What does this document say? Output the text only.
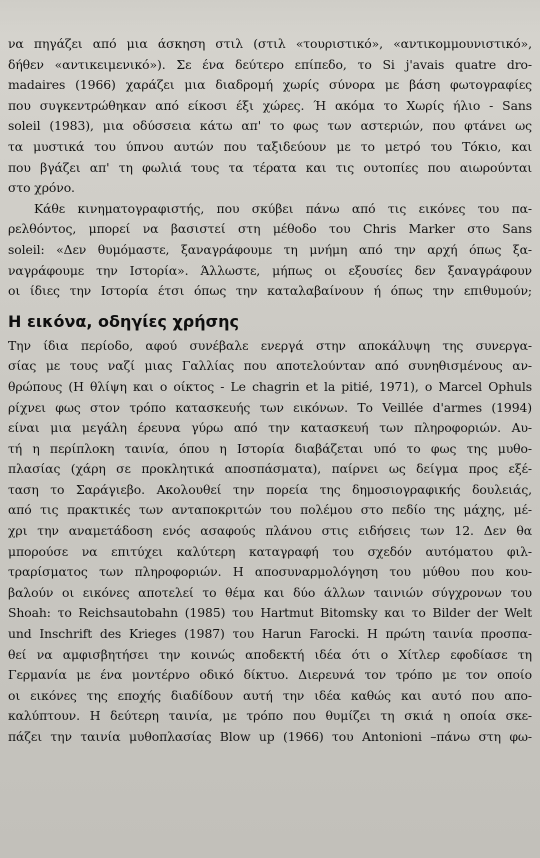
να πηγάζει από μια άσκηση στιλ (στιλ «τουριστικό», «αντικομμουνιστικό»,

δήθεν «αντικειμενικό»). Σε ένα δεύτερο επίπεδο, το Si j'avais quatre dro-

madaires (1966) χαράζει μια διαδρομή χωρίς σύνορα με βάση φωτογραφίες

που συγκεντρώθηκαν από είκοσι έξι χώρες. Ή ακόμα το Χωρίς ήλιο - Sans

soleil (1983), μια οδύσσεια κάτω απ' το φως των αστεριών, που φτάνει ως

τα μυστικά του ύπνου αυτών που ταξιδεύουν με το μετρό του Τόκιο, και

που βγάζει απ' τη φωλιά τους τα τέρατα και τις ουτοπίες που αιωρούνται

στο χρόνο.

Κάθε κινηματογραφιστής, που σκύβει πάνω από τις εικόνες του πα-

ρελθόντος, μπορεί να βασιστεί στη μέθοδο του Chris Marker στο Sans

soleil: «Δεν θυμόμαστε, ξαναγράφουμε τη μνήμη από την αρχή όπως ξα-

ναγράφουμε την Ιστορία». Άλλωστε, μήπως οι εξουσίες δεν ξαναγράφουν

οι ίδιες την Ιστορία έτσι όπως την καταλαβαίνουν ή όπως την επιθυμούν;

Η εικόνα, οδηγίες χρήσης

Την ίδια περίοδο, αφού συνέβαλε ενεργά στην αποκάλυψη της συνεργα-

σίας με τους ναζί μιας Γαλλίας που αποτελούνταν από συνηθισμένους αν-

θρώπους (Η θλίψη και ο οίκτος - Le chagrin et la pitié, 1971), ο Marcel Ophuls

ρίχνει φως στον τρόπο κατασκευής των εικόνων. Το Veillée d'armes (1994)

είναι μια μεγάλη έρευνα γύρω από την κατασκευή των πληροφοριών. Αυ-

τή η περίπλοκη ταινία, όπου η Ιστορία διαβάζεται υπό το φως της μυθο-

πλασίας (χάρη σε προκλητικά αποσπάσματα), παίρνει ως δείγμα προς εξέ-

ταση το Σαράγιεβο. Ακολουθεί την πορεία της δημοσιογραφικής δουλειάς,

από τις πρακτικές των ανταποκριτών του πολέμου στο πεδίο της μάχης, μέ-

χρι την αναμετάδοση ενός ασαφούς πλάνου στις ειδήσεις των 12. Δεν θα

μπορούσε να επιτύχει καλύτερη καταγραφή του σχεδόν αυτόματου φιλ-

τραρίσματος των πληροφοριών. Η αποσυναρμολόγηση του μύθου που κου-

βαλούν οι εικόνες αποτελεί το θέμα και δύο άλλων ταινιών σύγχρονων του

Shoah: το Reichsautobahn (1985) του Hartmut Bitomsky και το Bilder der Welt

und Inschrift des Krieges (1987) του Harun Farocki. Η πρώτη ταινία προσπα-

θεί να αμφισβητήσει την κοινώς αποδεκτή ιδέα ότι ο Χίτλερ εφοδίασε τη

Γερμανία με ένα μοντέρνο οδικό δίκτυο. Διερευνά τον τρόπο με τον οποίο

οι εικόνες της εποχής διαδίδουν αυτή την ιδέα καθώς και αυτό που απο-

καλύπτουν. Η δεύτερη ταινία, με τρόπο που θυμίζει τη σκιά η οποία σκε-

πάζει την ταινία μυθοπλασίας Blow up (1966) του Antonioni –πάνω στη φω-
